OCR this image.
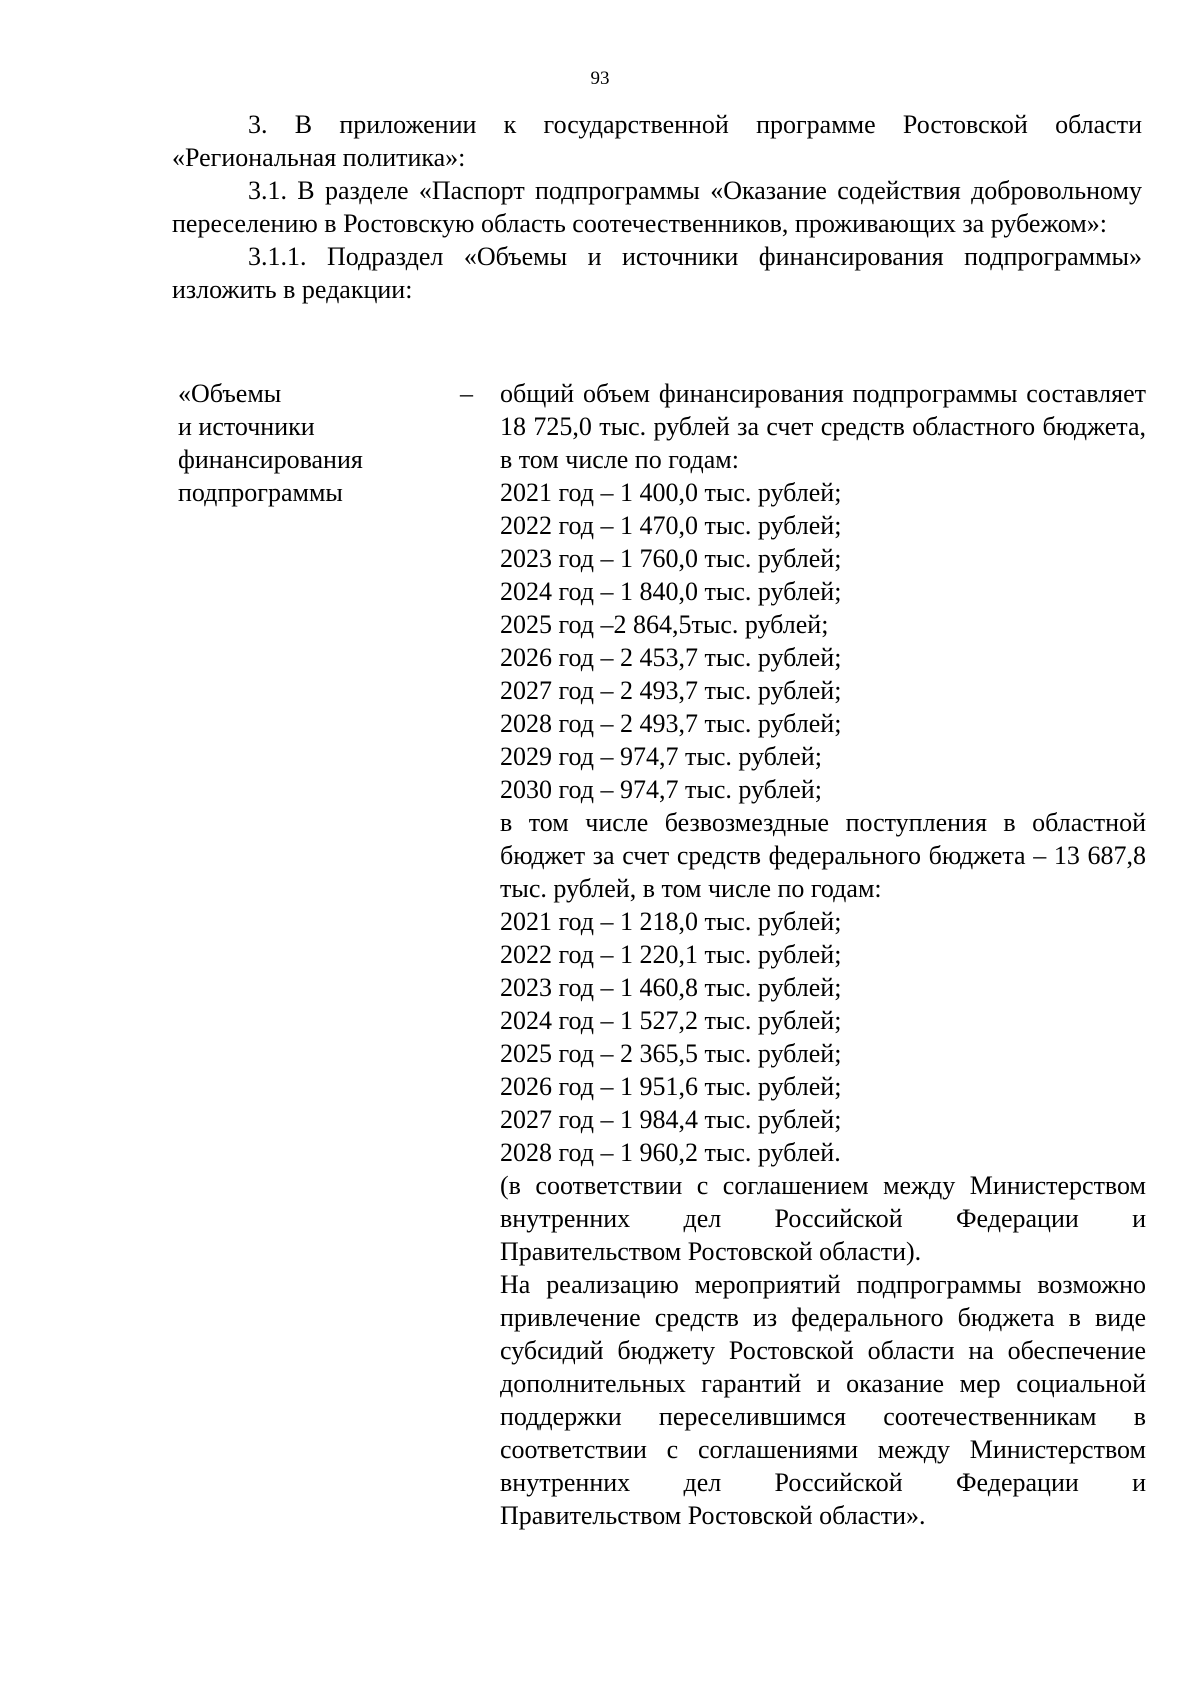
93

3. В приложении к государственной программе Ростовской области «Региональная политика»:

3.1. В разделе «Паспорт подпрограммы «Оказание содействия добровольному переселению в Ростовскую область соотечественников, проживающих за рубежом»:

3.1.1. Подраздел «Объемы и источники финансирования подпрограммы» изложить в редакции:

«Объемы
и источники
финансирования
подпрограммы
– общий объем финансирования подпрограммы составляет 18 725,0 тыс. рублей за счет средств областного бюджета, в том числе по годам:

2021 год – 1 400,0 тыс. рублей;
2022 год – 1 470,0 тыс. рублей;
2023 год – 1 760,0 тыс. рублей;
2024 год – 1 840,0 тыс. рублей;
2025 год –2 864,5тыс. рублей;
2026 год – 2 453,7 тыс. рублей;
2027 год – 2 493,7 тыс. рублей;
2028 год – 2 493,7 тыс. рублей;
2029 год – 974,7 тыс. рублей;
2030 год – 974,7 тыс. рублей;

в том числе безвозмездные поступления в областной бюджет за счет средств федерального бюджета – 13 687,8 тыс. рублей, в том числе по годам:

2021 год – 1 218,0 тыс. рублей;
2022 год – 1 220,1 тыс. рублей;
2023 год – 1 460,8 тыс. рублей;
2024 год – 1 527,2 тыс. рублей;
2025 год – 2 365,5 тыс. рублей;
2026 год – 1 951,6 тыс. рублей;
2027 год – 1 984,4 тыс. рублей;
2028 год – 1 960,2 тыс. рублей.

(в соответствии с соглашением между Министерством внутренних дел Российской Федерации и Правительством Ростовской области).

На реализацию мероприятий подпрограммы возможно привлечение средств из федерального бюджета в виде субсидий бюджету Ростовской области на обеспечение дополнительных гарантий и оказание мер социальной поддержки переселившимся соотечественникам в соответствии с соглашениями между Министерством внутренних дел Российской Федерации и Правительством Ростовской области».
